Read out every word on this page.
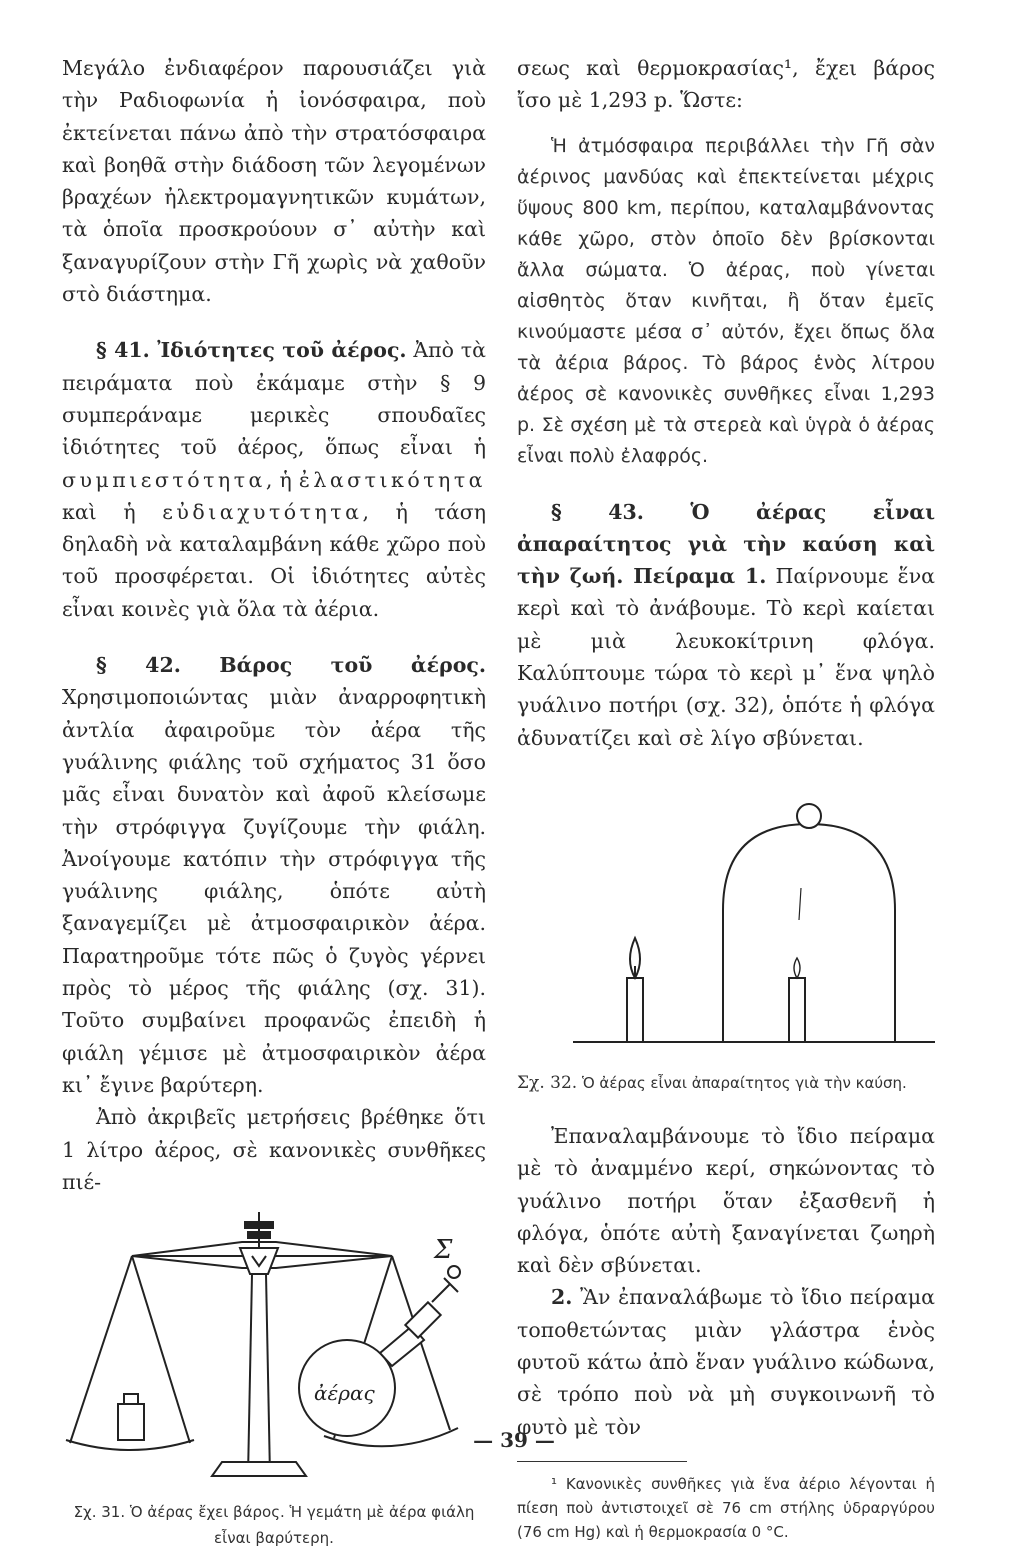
Μεγάλο ἐνδιαφέρον παρουσιάζει γιὰ τὴν Ραδιοφωνία ἡ ἰονόσφαιρα, ποὺ ἐκτείνεται πάνω ἀπὸ τὴν στρατόσφαιρα καὶ βοηθᾶ στὴν διάδοση τῶν λεγομένων βραχέων ἠλεκτρομαγνητικῶν κυμάτων, τὰ ὁποῖα προσκρούουν σ᾽ αὐτὴν καὶ ξαναγυρίζουν στὴν Γῆ χωρὶς νὰ χαθοῦν στὸ διάστημα.

§ 41. Ἰδιότητες τοῦ ἀέρος. Ἀπὸ τὰ πειράματα ποὺ ἐκάμαμε στὴν § 9 συμπεράναμε μερικὲς σπουδαῖες ἰδιότητες τοῦ ἀέρος, ὅπως εἶναι ἡ συμπιεστότητα, ἡ ἐλαστικότητα καὶ ἡ εὐδιαχυτότητα, ἡ τάση δηλαδὴ νὰ καταλαμβάνη κάθε χῶρο ποὺ τοῦ προσφέρεται. Οἱ ἰδιότητες αὐτὲς εἶναι κοινὲς γιὰ ὅλα τὰ ἀέρια.

§ 42. Βάρος τοῦ ἀέρος. Χρησιμοποιώντας μιὰν ἀναρροφητικὴ ἀντλία ἀφαιροῦμε τὸν ἀέρα τῆς γυάλινης φιάλης τοῦ σχήματος 31 ὅσο μᾶς εἶναι δυνατὸν καὶ ἀφοῦ κλείσωμε τὴν στρόφιγγα ζυγίζουμε τὴν φιάλη. Ἀνοίγουμε κατόπιν τὴν στρόφιγγα τῆς γυάλινης φιάλης, ὁπότε αὐτὴ ξαναγεμίζει μὲ ἀτμοσφαιρικὸν ἀέρα. Παρατηροῦμε τότε πῶς ὁ ζυγὸς γέρνει πρὸς τὸ μέρος τῆς φιάλης (σχ. 31). Τοῦτο συμβαίνει προφανῶς ἐπειδὴ ἡ φιάλη γέμισε μὲ ἀτμοσφαιρικὸν ἀέρα κι᾽ ἔγινε βαρύτερη.

Ἀπὸ ἀκριβεῖς μετρήσεις βρέθηκε ὅτι 1 λίτρο ἀέρος, σὲ κανονικὲς συνθῆκες πιέ-

Σ
ἀέρας

Σχ. 31. Ὁ ἀέρας ἔχει βάρος. Ἡ γεμάτη μὲ ἀέρα φιάλη εἶναι βαρύτερη.

σεως καὶ θερμοκρασίας¹, ἔχει βάρος ἴσο μὲ 1,293 p. Ὥστε:

Ἡ ἀτμόσφαιρα περιβάλλει τὴν Γῆ σὰν ἀέρινος μανδύας καὶ ἐπεκτείνεται μέχρις ὕψους 800 km, περίπου, καταλαμβάνοντας κάθε χῶρο, στὸν ὁποῖο δὲν βρίσκονται ἄλλα σώματα. Ὁ ἀέρας, ποὺ γίνεται αἰσθητὸς ὅταν κινῆται, ἢ ὅταν ἐμεῖς κινούμαστε μέσα σ᾽ αὐτόν, ἔχει ὅπως ὅλα τὰ ἀέρια βάρος. Τὸ βάρος ἑνὸς λίτρου ἀέρος σὲ κανονικὲς συνθῆκες εἶναι 1,293 p. Σὲ σχέση μὲ τὰ στερεὰ καὶ ὑγρὰ ὁ ἀέρας εἶναι πολὺ ἐλαφρός.

§ 43. Ὁ ἀέρας εἶναι ἀπαραίτητος γιὰ τὴν καύση καὶ τὴν ζωή. Πείραμα 1. Παίρνουμε ἕνα κερὶ καὶ τὸ ἀνάβουμε. Τὸ κερὶ καίεται μὲ μιὰ λευκοκίτρινη φλόγα. Καλύπτουμε τώρα τὸ κερὶ μ᾽ ἕνα ψηλὸ γυάλινο ποτήρι (σχ. 32), ὁπότε ἡ φλόγα ἀδυνατίζει καὶ σὲ λίγο σβύνεται.

Σχ. 32. Ὁ ἀέρας εἶναι ἀπαραίτητος γιὰ τὴν καύση.

Ἐπαναλαμβάνουμε τὸ ἴδιο πείραμα μὲ τὸ ἀναμμένο κερί, σηκώνοντας τὸ γυάλινο ποτήρι ὅταν ἐξασθενῆ ἡ φλόγα, ὁπότε αὐτὴ ξαναγίνεται ζωηρὴ καὶ δὲν σβύνεται.

2. Ἂν ἐπαναλάβωμε τὸ ἴδιο πείραμα τοποθετώντας μιὰν γλάστρα ἑνὸς φυτοῦ κάτω ἀπὸ ἕναν γυάλινο κώδωνα, σὲ τρόπο ποὺ νὰ μὴ συγκοινωνῆ τὸ φυτὸ μὲ τὸν

¹ Κανονικὲς συνθῆκες γιὰ ἕνα ἀέριο λέγονται ἡ πίεση ποὺ ἀντιστοιχεῖ σὲ 76 cm στήλης ὑδραργύρου (76 cm Hg) καὶ ἡ θερμοκρασία 0 °C.

— 39 —
